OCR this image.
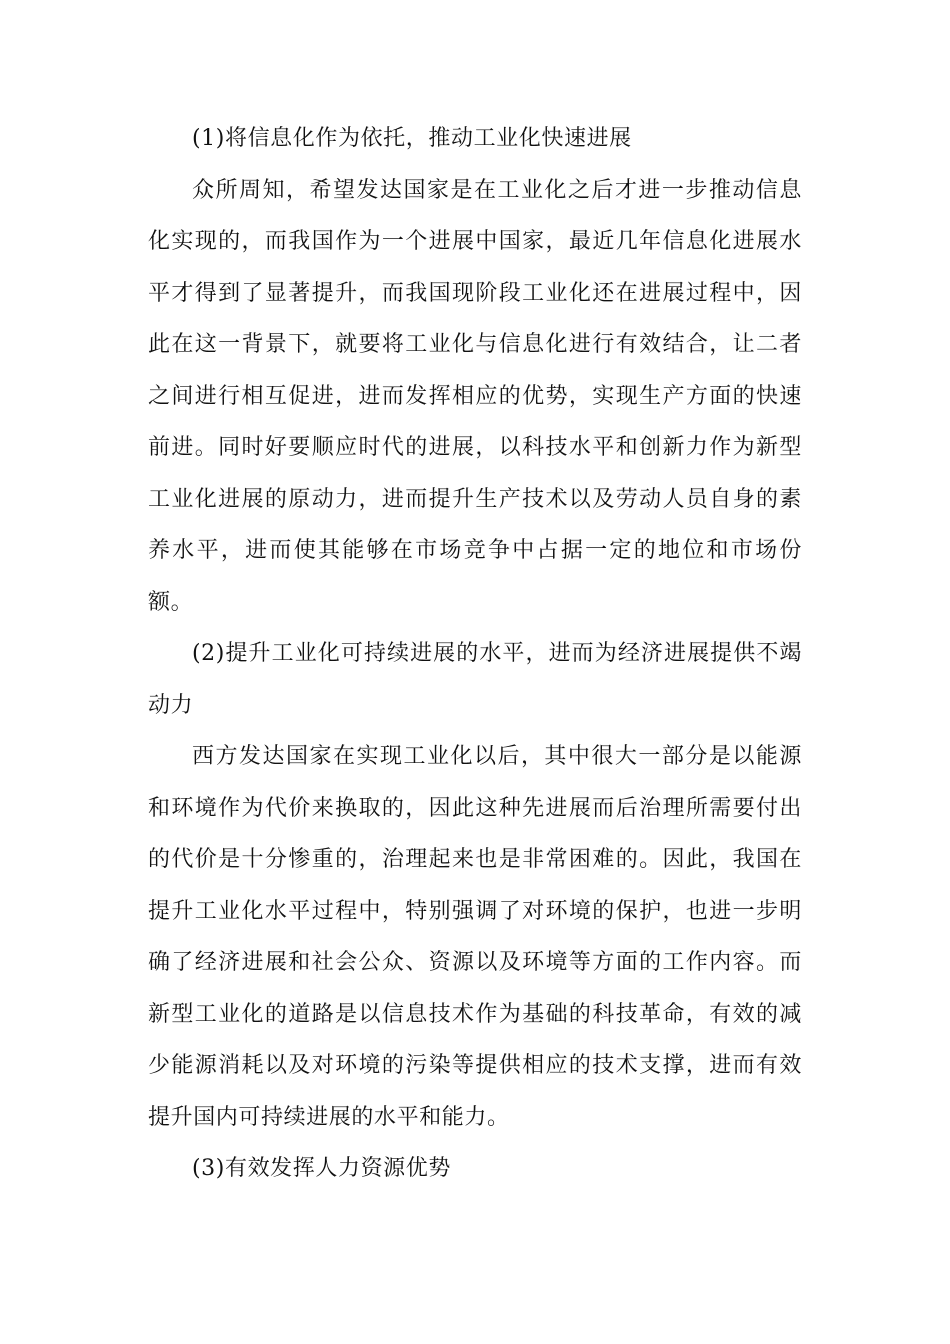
(1)将信息化作为依托，推动工业化快速进展

众所周知，希望发达国家是在工业化之后才进一步推动信息化实现的，而我国作为一个进展中国家，最近几年信息化进展水平才得到了显著提升，而我国现阶段工业化还在进展过程中，因此在这一背景下，就要将工业化与信息化进行有效结合，让二者之间进行相互促进，进而发挥相应的优势，实现生产方面的快速前进。同时好要顺应时代的进展，以科技水平和创新力作为新型工业化进展的原动力，进而提升生产技术以及劳动人员自身的素养水平，进而使其能够在市场竞争中占据一定的地位和市场份额。

(2)提升工业化可持续进展的水平，进而为经济进展提供不竭动力

西方发达国家在实现工业化以后，其中很大一部分是以能源和环境作为代价来换取的，因此这种先进展而后治理所需要付出的代价是十分惨重的，治理起来也是非常困难的。因此，我国在提升工业化水平过程中，特别强调了对环境的保护，也进一步明确了经济进展和社会公众、资源以及环境等方面的工作内容。而新型工业化的道路是以信息技术作为基础的科技革命，有效的减少能源消耗以及对环境的污染等提供相应的技术支撑，进而有效提升国内可持续进展的水平和能力。

(3)有效发挥人力资源优势
